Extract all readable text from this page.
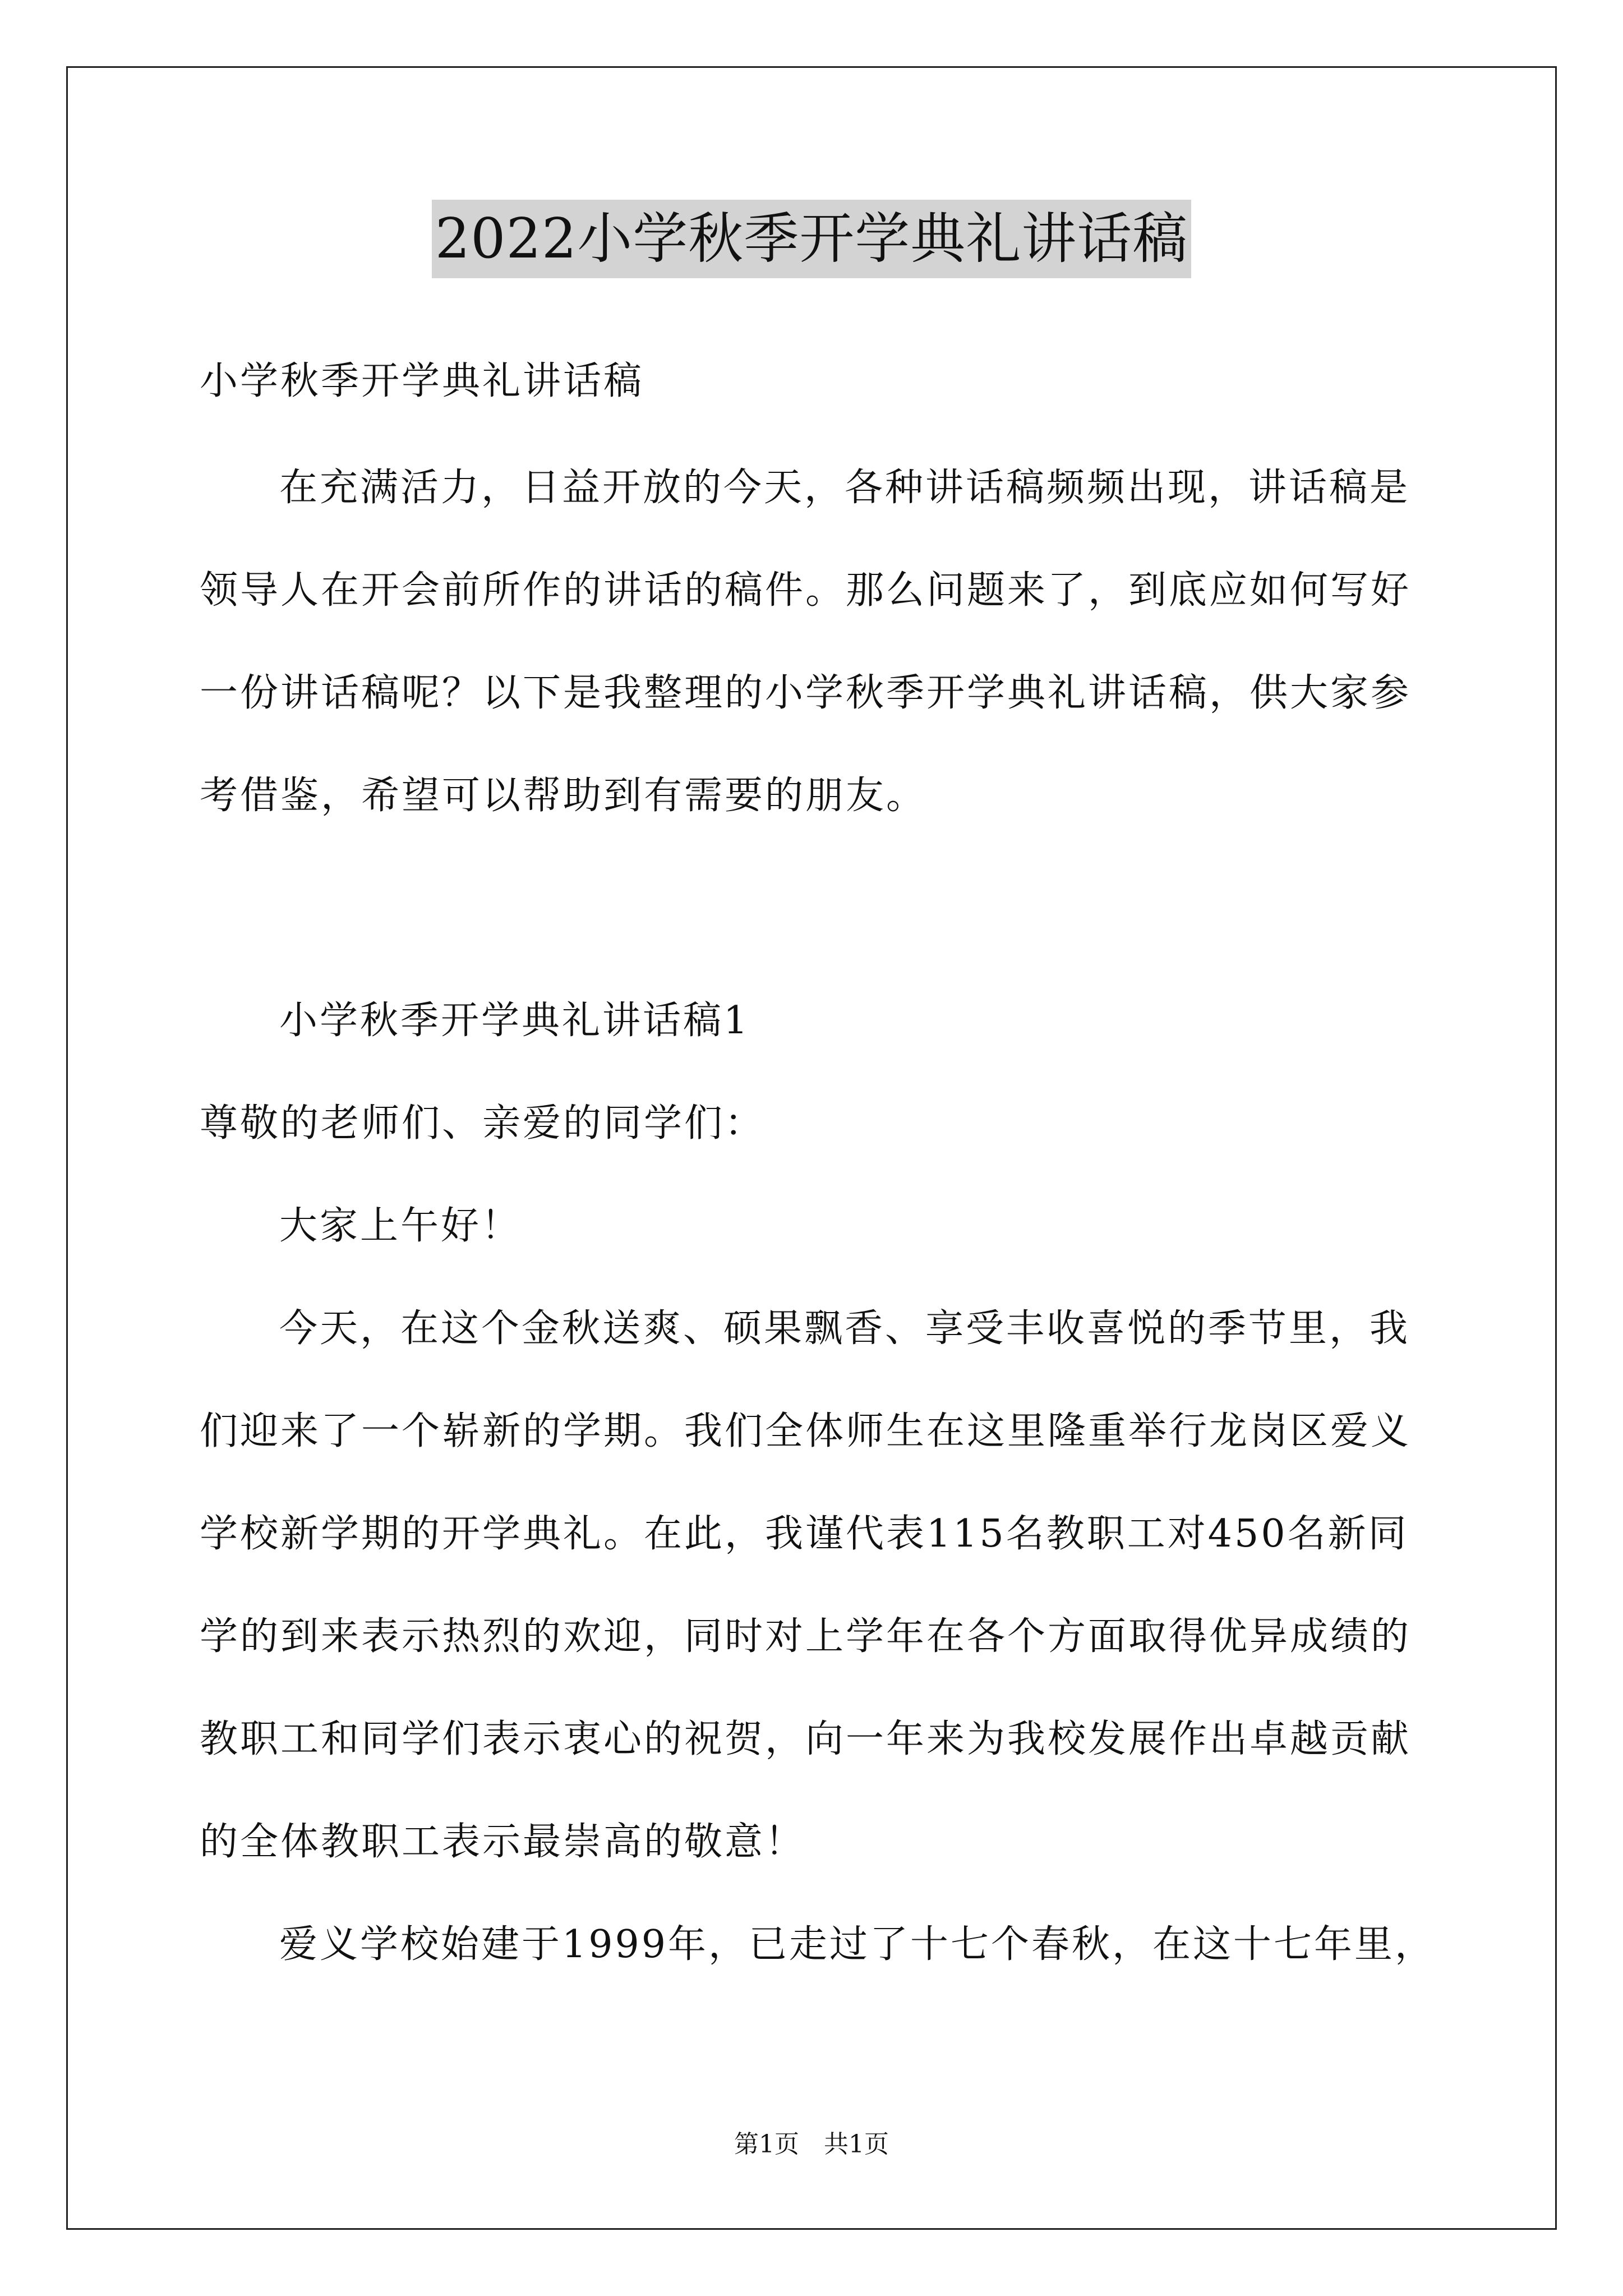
2022小学秋季开学典礼讲话稿
小学秋季开学典礼讲话稿
在充满活力，日益开放的今天，各种讲话稿频频出现，讲话稿是
领导人在开会前所作的讲话的稿件。那么问题来了，到底应如何写好
一份讲话稿呢？以下是我整理的小学秋季开学典礼讲话稿，供大家参
考借鉴，希望可以帮助到有需要的朋友。
小学秋季开学典礼讲话稿1
尊敬的老师们、亲爱的同学们：
大家上午好！
今天，在这个金秋送爽、硕果飘香、享受丰收喜悦的季节里，我
们迎来了一个崭新的学期。我们全体师生在这里隆重举行龙岗区爱义
学校新学期的开学典礼。在此，我谨代表115名教职工对450名新同
学的到来表示热烈的欢迎，同时对上学年在各个方面取得优异成绩的
教职工和同学们表示衷心的祝贺，向一年来为我校发展作出卓越贡献
的全体教职工表示最崇高的敬意！
爱义学校始建于1999年，已走过了十七个春秋，在这十七年里，
第1页 共1页
